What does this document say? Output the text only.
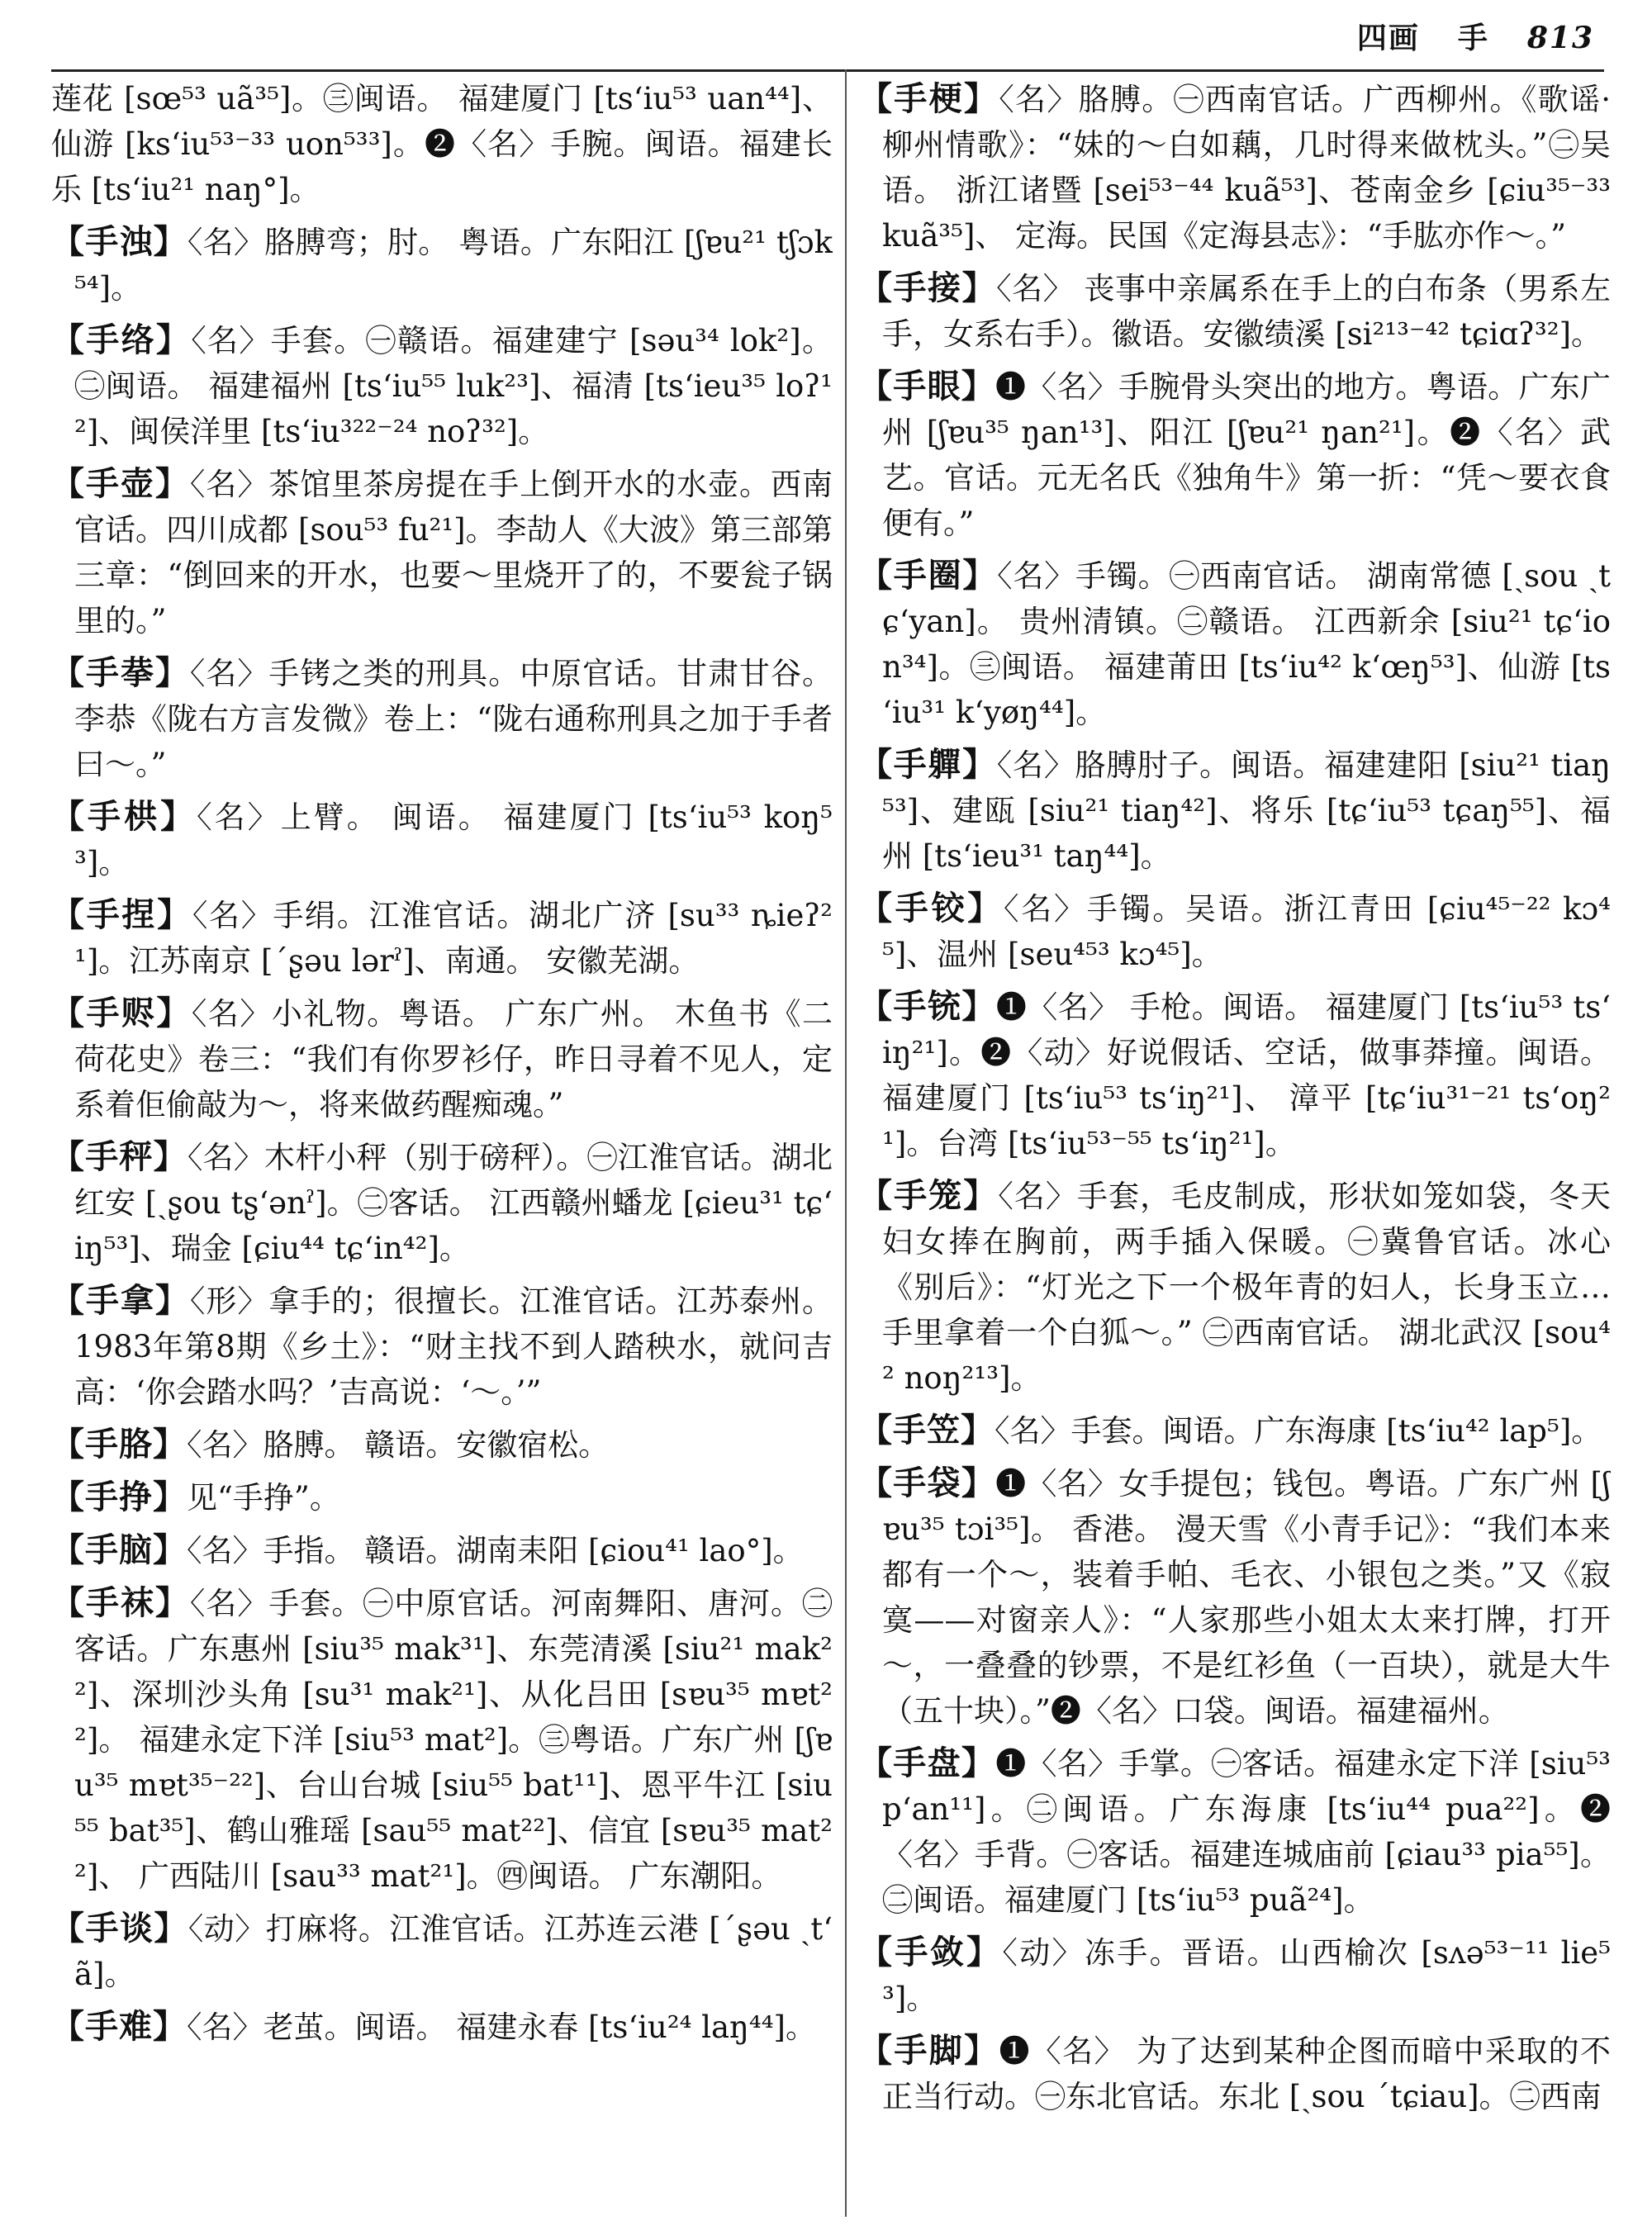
四画 手 813

莲花 [sœ⁵³ uã³⁵]。㊂闽语。 福建厦门 [tsʻiu⁵³ uan⁴⁴]、仙游 [ksʻiu⁵³⁻³³ uon⁵³³]。❷〈名〉手腕。闽语。福建长乐 [tsʻiu²¹ naŋ°]。

【手浊】〈名〉胳膊弯；肘。 粤语。广东阳江 [ʃɐu²¹ tʃɔk⁵⁴]。

【手络】〈名〉手套。㊀赣语。福建建宁 [səu³⁴ lok²]。㊁闽语。 福建福州 [tsʻiu⁵⁵ luk²³]、福清 [tsʻieu³⁵ loʔ¹²]、闽侯洋里 [tsʻiu³²²⁻²⁴ noʔ³²]。

【手壶】〈名〉茶馆里茶房提在手上倒开水的水壶。西南官话。四川成都 [sou⁵³ fu²¹]。李劼人《大波》第三部第三章：“倒回来的开水，也要～里烧开了的，不要瓮子锅里的。”

【手拲】〈名〉手铐之类的刑具。中原官话。甘肃甘谷。李恭《陇右方言发微》卷上：“陇右通称刑具之加于手者曰～。”

【手栱】〈名〉上臂。 闽语。 福建厦门 [tsʻiu⁵³ koŋ⁵³]。

【手捏】〈名〉手绢。江淮官话。湖北广济 [su³³ ȵieʔ²¹]。江苏南京 [ˊʂəu lərˀ]、南通。 安徽芜湖。

【手赆】〈名〉小礼物。粤语。 广东广州。 木鱼书《二荷花史》卷三：“我们有你罗衫仔，昨日寻着不见人，定系着佢偷敲为～，将来做药醒痴魂。”

【手秤】〈名〉木杆小秤（别于磅秤）。㊀江淮官话。湖北红安 [ˏʂou tʂʻənˀ]。㊁客话。 江西赣州蟠龙 [ɕieu³¹ tɕʻiŋ⁵³]、瑞金 [ɕiu⁴⁴ tɕʻin⁴²]。

【手拿】〈形〉拿手的；很擅长。江淮官话。江苏泰州。1983年第8期《乡土》：“财主找不到人踏秧水，就问吉高：‘你会踏水吗？’吉高说：‘～。’”

【手胳】〈名〉胳膊。 赣语。安徽宿松。

【手挣】见“手挣”。

【手脑】〈名〉手指。 赣语。湖南耒阳 [ɕiou⁴¹ lao°]。

【手袜】〈名〉手套。㊀中原官话。河南舞阳、唐河。㊁客话。广东惠州 [siu³⁵ mak³¹]、东莞清溪 [siu²¹ mak²²]、深圳沙头角 [su³¹ mak²¹]、从化吕田 [sɐu³⁵ mɐt²²]。 福建永定下洋 [siu⁵³ mat²]。㊂粤语。广东广州 [ʃɐu³⁵ mɐt³⁵⁻²²]、台山台城 [siu⁵⁵ bat¹¹]、恩平牛江 [siu⁵⁵ bat³⁵]、鹤山雅瑶 [sau⁵⁵ mat²²]、信宜 [sɐu³⁵ mat²²]、 广西陆川 [sau³³ mat²¹]。㊃闽语。 广东潮阳。

【手谈】〈动〉打麻将。江淮官话。江苏连云港 [ˊʂəu ˏtʻã]。

【手难】〈名〉老茧。闽语。 福建永春 [tsʻiu²⁴ laŋ⁴⁴]。

【手梗】〈名〉胳膊。㊀西南官话。广西柳州。《歌谣·柳州情歌》：“妹的～白如藕，几时得来做枕头。”㊁吴语。 浙江诸暨 [sei⁵³⁻⁴⁴ kuã⁵³]、苍南金乡 [ɕiu³⁵⁻³³ kuã³⁵]、 定海。民国《定海县志》：“手肱亦作～。”

【手接】〈名〉 丧事中亲属系在手上的白布条（男系左手，女系右手）。徽语。安徽绩溪 [si²¹³⁻⁴² tɕiɑʔ³²]。

【手眼】❶〈名〉手腕骨头突出的地方。粤语。广东广州 [ʃɐu³⁵ ŋan¹³]、阳江 [ʃɐu²¹ ŋan²¹]。❷〈名〉武艺。官话。元无名氏《独角牛》第一折：“凭～要衣食便有。”

【手圈】〈名〉手镯。㊀西南官话。 湖南常德 [ˏsou ˏtɕʻyan]。 贵州清镇。㊁赣语。 江西新余 [siu²¹ tɕʻion³⁴]。㊂闽语。 福建莆田 [tsʻiu⁴² kʻœŋ⁵³]、仙游 [tsʻiu³¹ kʻyøŋ⁴⁴]。

【手軃】〈名〉胳膊肘子。闽语。福建建阳 [siu²¹ tiaŋ⁵³]、建瓯 [siu²¹ tiaŋ⁴²]、将乐 [tɕʻiu⁵³ tɕaŋ⁵⁵]、福州 [tsʻieu³¹ taŋ⁴⁴]。

【手铰】〈名〉手镯。吴语。浙江青田 [ɕiu⁴⁵⁻²² kɔ⁴⁵]、温州 [seu⁴⁵³ kɔ⁴⁵]。

【手铳】❶〈名〉 手枪。闽语。 福建厦门 [tsʻiu⁵³ tsʻiŋ²¹]。❷〈动〉好说假话、空话，做事莽撞。闽语。 福建厦门 [tsʻiu⁵³ tsʻiŋ²¹]、 漳平 [tɕʻiu³¹⁻²¹ tsʻoŋ²¹]。台湾 [tsʻiu⁵³⁻⁵⁵ tsʻiŋ²¹]。

【手笼】〈名〉手套，毛皮制成，形状如笼如袋，冬天妇女捧在胸前，两手插入保暖。㊀冀鲁官话。冰心《别后》：“灯光之下一个极年青的妇人，长身玉立…手里拿着一个白狐～。” ㊁西南官话。 湖北武汉 [sou⁴² noŋ²¹³]。

【手笠】〈名〉手套。闽语。广东海康 [tsʻiu⁴² lap⁵]。

【手袋】❶〈名〉女手提包；钱包。粤语。广东广州 [ʃɐu³⁵ tɔi³⁵]。 香港。 漫天雪《小青手记》：“我们本来都有一个～，装着手帕、毛衣、小银包之类。”又《寂寞——对窗亲人》：“人家那些小姐太太来打牌，打开～，一叠叠的钞票，不是红衫鱼（一百块），就是大牛（五十块）。”❷〈名〉口袋。闽语。福建福州。

【手盘】❶〈名〉手掌。㊀客话。福建永定下洋 [siu⁵³ pʻan¹¹]。㊁闽语。广东海康 [tsʻiu⁴⁴ pua²²]。❷〈名〉手背。㊀客话。福建连城庙前 [ɕiau³³ pia⁵⁵]。㊁闽语。福建厦门 [tsʻiu⁵³ puã²⁴]。

【手敛】〈动〉冻手。晋语。山西榆次 [sʌə⁵³⁻¹¹ lie⁵³]。

【手脚】❶〈名〉 为了达到某种企图而暗中采取的不正当行动。㊀东北官话。东北 [ˏsou ˊtɕiau]。㊁西南
